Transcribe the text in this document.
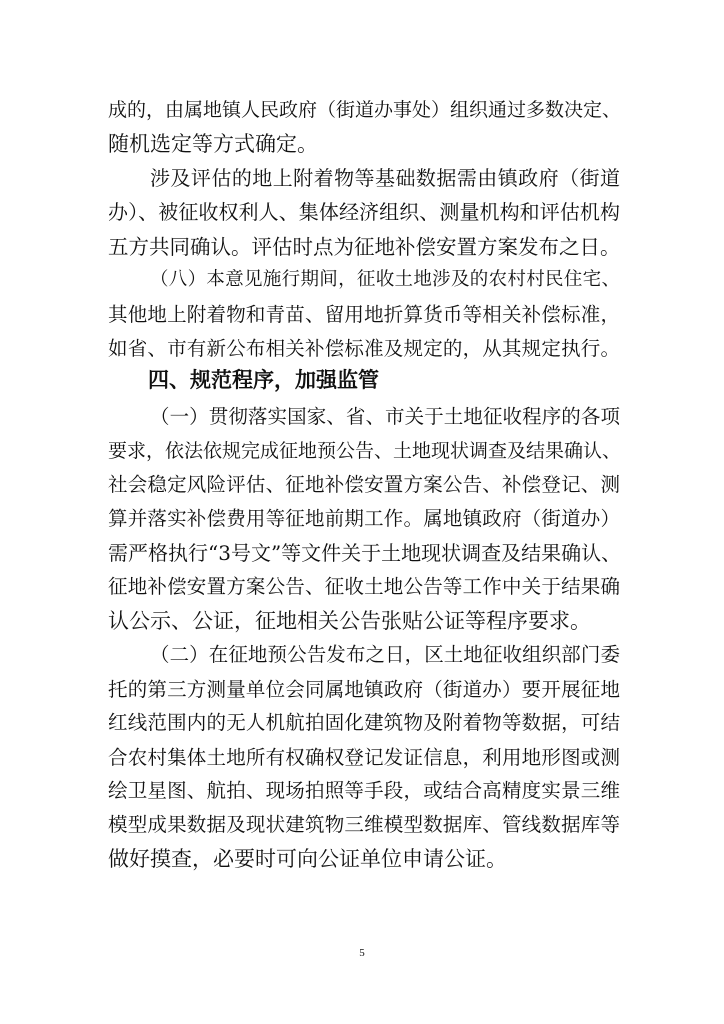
成的，由属地镇人民政府（街道办事处）组织通过多数决定、
随机选定等方式确定。
涉及评估的地上附着物等基础数据需由镇政府（街道
办）、被征收权利人、集体经济组织、测量机构和评估机构
五方共同确认。评估时点为征地补偿安置方案发布之日。
（八）本意见施行期间，征收土地涉及的农村村民住宅、
其他地上附着物和青苗、留用地折算货币等相关补偿标准，
如省、市有新公布相关补偿标准及规定的，从其规定执行。
四、规范程序，加强监管
（一）贯彻落实国家、省、市关于土地征收程序的各项
要求，依法依规完成征地预公告、土地现状调查及结果确认、
社会稳定风险评估、征地补偿安置方案公告、补偿登记、测
算并落实补偿费用等征地前期工作。属地镇政府（街道办）
需严格执行“3号文”等文件关于土地现状调查及结果确认、
征地补偿安置方案公告、征收土地公告等工作中关于结果确
认公示、公证，征地相关公告张贴公证等程序要求。
（二）在征地预公告发布之日，区土地征收组织部门委
托的第三方测量单位会同属地镇政府（街道办）要开展征地
红线范围内的无人机航拍固化建筑物及附着物等数据，可结
合农村集体土地所有权确权登记发证信息，利用地形图或测
绘卫星图、航拍、现场拍照等手段，或结合高精度实景三维
模型成果数据及现状建筑物三维模型数据库、管线数据库等
做好摸查，必要时可向公证单位申请公证。
5
